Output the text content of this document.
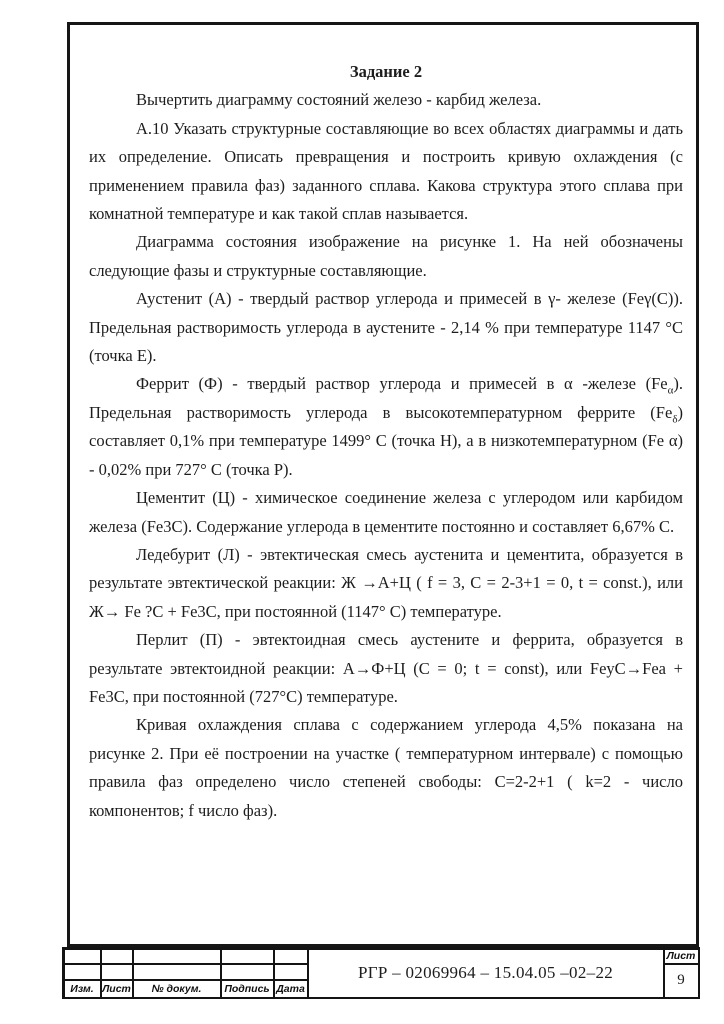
Задание 2

Вычертить диаграмму состояний железо - карбид железа.

А.10 Указать структурные составляющие во всех областях диаграммы и дать их определение. Описать превращения и построить кривую охлаждения (с применением правила фаз) заданного сплава. Какова структура этого сплава при комнатной температуре и как такой сплав называется.

Диаграмма состояния изображение на рисунке 1. На ней обозначены следующие фазы и структурные составляющие.

Аустенит (А) - твердый раствор углерода и примесей в γ- железе (Feγ(C)). Предельная растворимость углерода в аустените - 2,14 % при температуре 1147 °С (точка Е).

Феррит (Ф) - твердый раствор углерода и примесей в α -железе $(Fe_\alpha)$. Предельная растворимость углерода в высокотемпературном феррите $(Fe_\delta)$ составляет 0,1% при температуре 1499° С (точка Н), а в низкотемпературном (Fe α) - 0,02% при 727° С (точка Р).

Цементит (Ц) - химическое соединение железа с углеродом или карбидом железа (Fe3C). Содержание углерода в цементите постоянно и составляет 6,67% С.

Ледебурит (Л) - эвтектическая смесь аустенита и цементита, образуется в результате эвтектической реакции: Ж →А+Ц ( f = 3, C = 2-3+1 = 0, t = const.), или Ж→ Fe ?C + Fe3C, при постоянной (1147° С) температуре.

Перлит (П) - эвтектоидная смесь аустените и феррита, образуется в результате эвтектоидной реакции: А→Ф+Ц (С = 0; t = const), или FeyC→Fea + Fe3C, при постоянной (727°С) температуре.

Кривая охлаждения сплава с содержанием углерода 4,5% показана на рисунке 2. При её построении на участке ( температурном интервале) с помощью правила фаз определено число степеней свободы: С=2-2+1 ( k=2 - число компонентов; f число фаз).

Изм. Лист	№ докум.	Подпись Дата
РГР – 02069964 – 15.04.05 –02–22
Лист
9
